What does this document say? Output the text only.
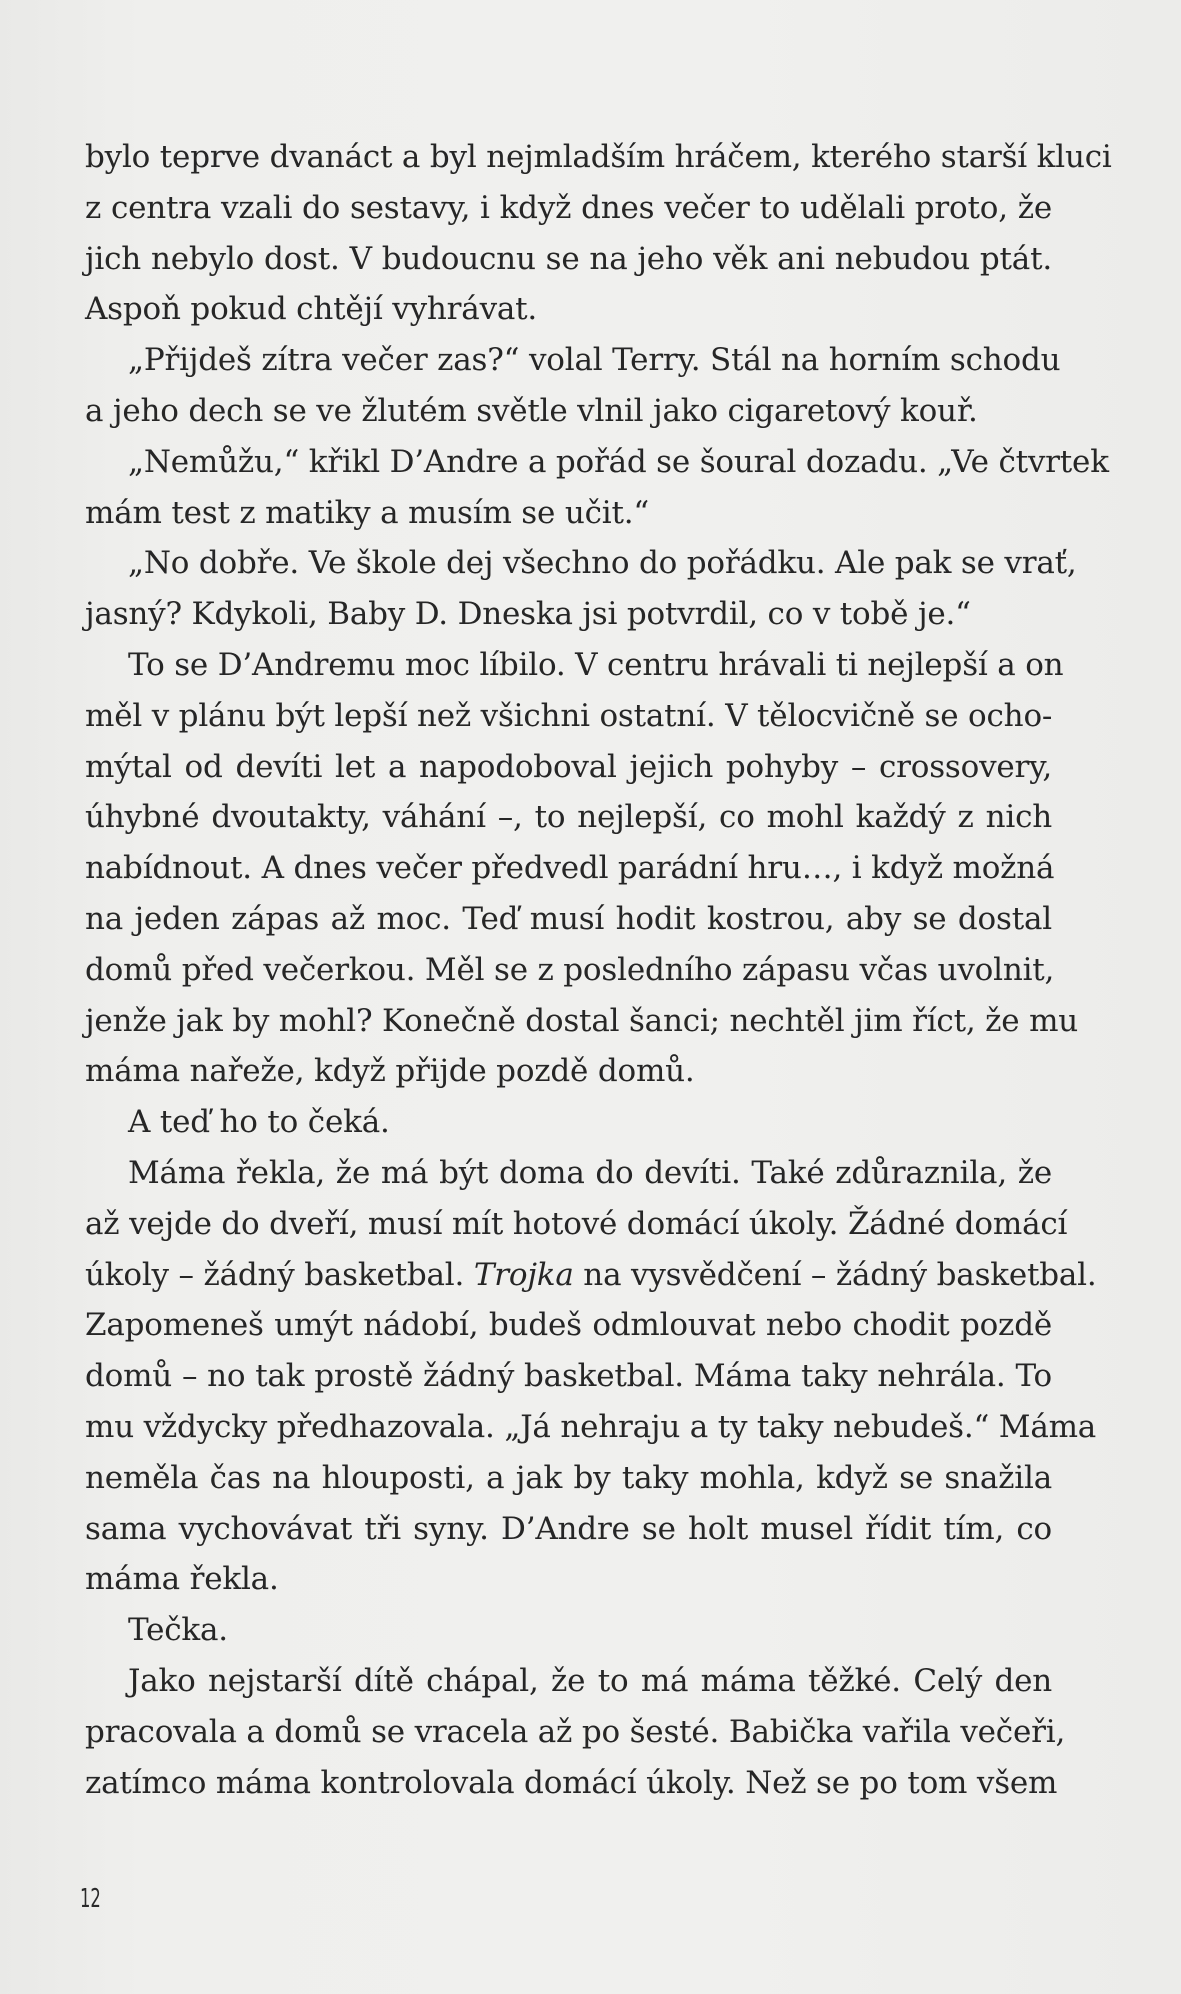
bylo teprve dvanáct a byl nejmladším hráčem, kterého starší kluci
z centra vzali do sestavy, i když dnes večer to udělali proto, že
jich nebylo dost. V budoucnu se na jeho věk ani nebudou ptát.
Aspoň pokud chtějí vyhrávat.
„Přijdeš zítra večer zas?“ volal Terry. Stál na horním schodu
a jeho dech se ve žlutém světle vlnil jako cigaretový kouř.
„Nemůžu,“ křikl D’Andre a pořád se šoural dozadu. „Ve čtvrtek
mám test z matiky a musím se učit.“
„No dobře. Ve škole dej všechno do pořádku. Ale pak se vrať,
jasný? Kdykoli, Baby D. Dneska jsi potvrdil, co v tobě je.“
To se D’Andremu moc líbilo. V centru hrávali ti nejlepší a on
měl v plánu být lepší než všichni ostatní. V tělocvičně se ocho-
mýtal od devíti let a napodoboval jejich pohyby – crossovery,
úhybné dvoutakty, váhání –, to nejlepší, co mohl každý z nich
nabídnout. A dnes večer předvedl parádní hru…, i když možná
na jeden zápas až moc. Teď musí hodit kostrou, aby se dostal
domů před večerkou. Měl se z posledního zápasu včas uvolnit,
jenže jak by mohl? Konečně dostal šanci; nechtěl jim říct, že mu
máma nařeže, když přijde pozdě domů.
A teď ho to čeká.
Máma řekla, že má být doma do devíti. Také zdůraznila, že
až vejde do dveří, musí mít hotové domácí úkoly. Žádné domácí
úkoly – žádný basketbal. Trojka na vysvědčení – žádný basketbal.
Zapomeneš umýt nádobí, budeš odmlouvat nebo chodit pozdě
domů – no tak prostě žádný basketbal. Máma taky nehrála. To
mu vždycky předhazovala. „Já nehraju a ty taky nebudeš.“ Máma
neměla čas na hlouposti, a jak by taky mohla, když se snažila
sama vychovávat tři syny. D’Andre se holt musel řídit tím, co
máma řekla.
Tečka.
Jako nejstarší dítě chápal, že to má máma těžké. Celý den
pracovala a domů se vracela až po šesté. Babička vařila večeři,
zatímco máma kontrolovala domácí úkoly. Než se po tom všem
12
